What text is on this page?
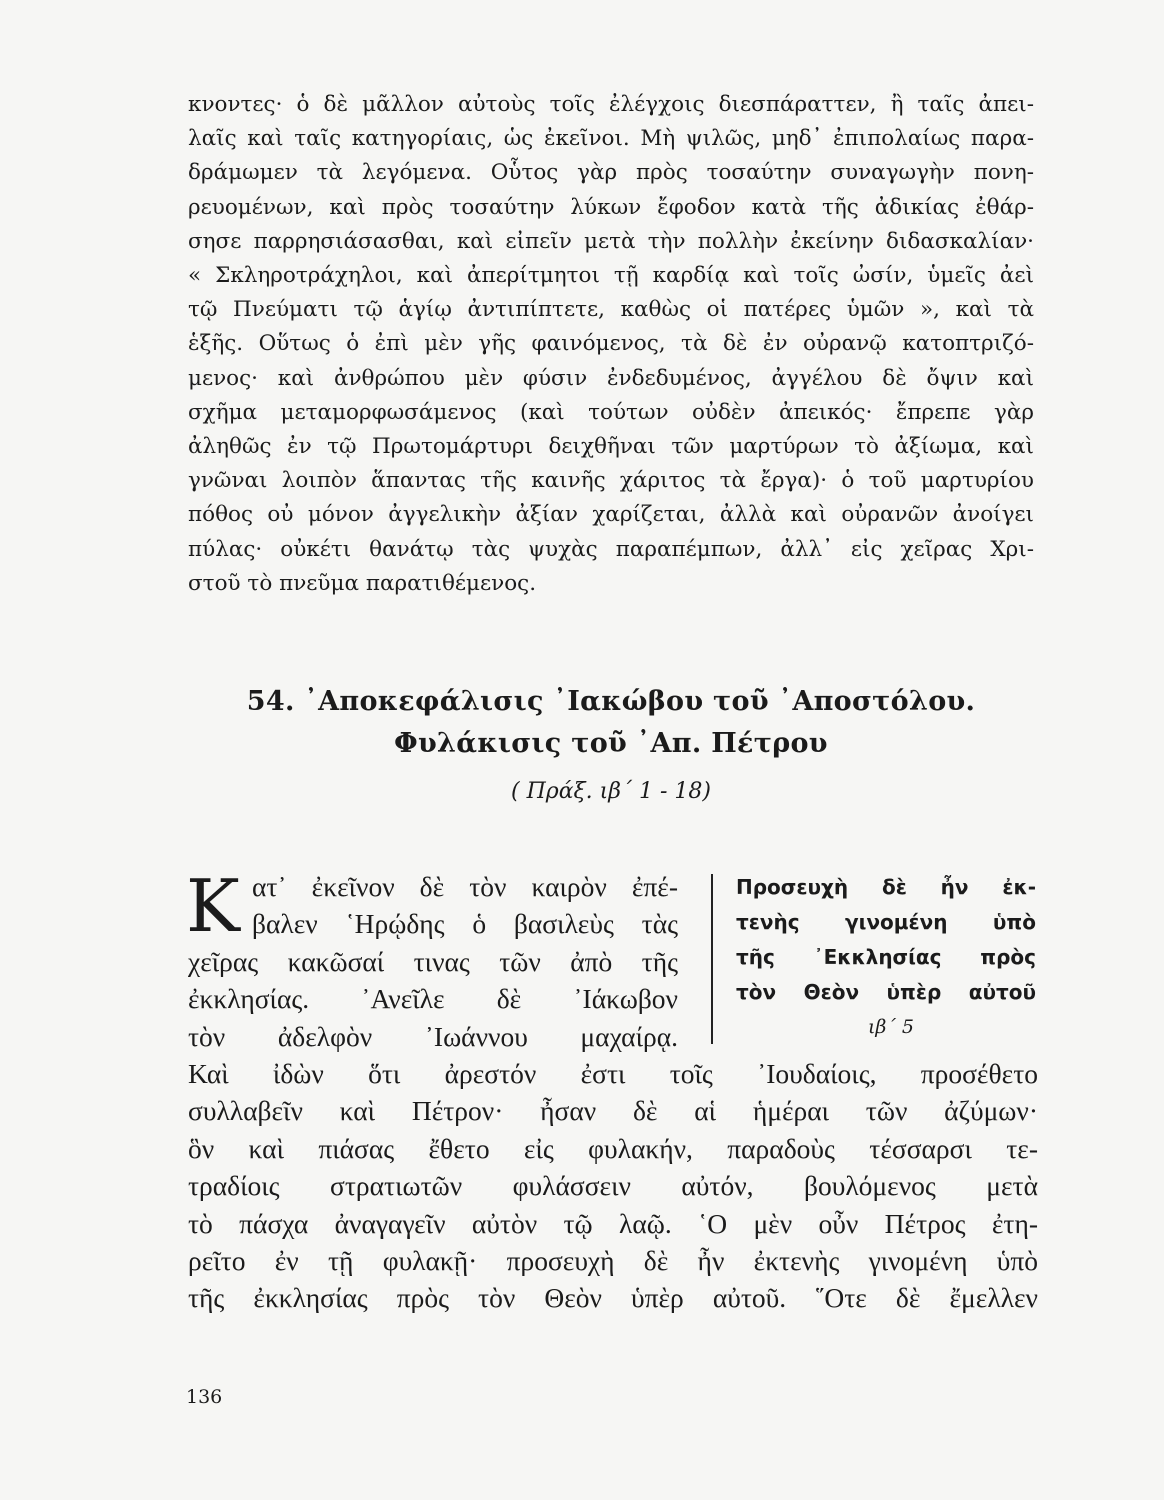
κνοντες· ὁ δὲ μᾶλλον αὐτοὺς τοῖς ἐλέγχοις διεσπάραττεν, ἢ ταῖς ἀπει-
λαῖς καὶ ταῖς κατηγορίαις, ὡς ἐκεῖνοι. Μὴ ψιλῶς, μηδ᾽ ἐπιπολαίως παρα-
δράμωμεν τὰ λεγόμενα. Οὗτος γὰρ πρὸς τοσαύτην συναγωγὴν πονη-
ρευομένων, καὶ πρὸς τοσαύτην λύκων ἔφοδον κατὰ τῆς ἀδικίας ἐθάρ-
σησε παρρησιάσασθαι, καὶ εἰπεῖν μετὰ τὴν πολλὴν ἐκείνην διδασκαλίαν·
« Σκληροτράχηλοι, καὶ ἀπερίτμητοι τῇ καρδίᾳ καὶ τοῖς ὠσίν, ὑμεῖς ἀεὶ
τῷ Πνεύματι τῷ ἁγίῳ ἀντιπίπτετε, καθὼς οἱ πατέρες ὑμῶν », καὶ τὰ
ἑξῆς. Οὕτως ὁ ἐπὶ μὲν γῆς φαινόμενος, τὰ δὲ ἐν οὐρανῷ κατοπτριζό-
μενος· καὶ ἀνθρώπου μὲν φύσιν ἐνδεδυμένος, ἀγγέλου δὲ ὄψιν καὶ
σχῆμα μεταμορφωσάμενος (καὶ τούτων οὐδὲν ἀπεικός· ἔπρεπε γὰρ
ἀληθῶς ἐν τῷ Πρωτομάρτυρι δειχθῆναι τῶν μαρτύρων τὸ ἀξίωμα, καὶ
γνῶναι λοιπὸν ἅπαντας τῆς καινῆς χάριτος τὰ ἔργα)· ὁ τοῦ μαρτυρίου
πόθος οὐ μόνον ἀγγελικὴν ἀξίαν χαρίζεται, ἀλλὰ καὶ οὐρανῶν ἀνοίγει
πύλας· οὐκέτι θανάτῳ τὰς ψυχὰς παραπέμπων, ἀλλ᾽ εἰς χεῖρας Χρι-
στοῦ τὸ πνεῦμα παρατιθέμενος.
54. ᾿Αποκεφάλισις ᾿Ιακώβου τοῦ ᾿Αποστόλου.
Φυλάκισις τοῦ ᾿Απ. Πέτρου
( Πράξ. ιβ΄ 1 - 18)
Κ ατ᾽ ἐκεῖνον δὲ τὸν καιρὸν ἐπέ-
βαλεν ῾Ηρῴδης ὁ βασιλεὺς τὰς
χεῖρας κακῶσαί τινας τῶν ἀπὸ τῆς
ἐκκλησίας. ᾿Ανεῖλε δὲ ᾿Ιάκωβον
τὸν ἀδελφὸν ᾿Ιωάννου μαχαίρᾳ.
Καὶ ἰδὼν ὅτι ἀρεστόν ἐστι τοῖς ᾿Ιουδαίοις, προσέθετο
συλλαβεῖν καὶ Πέτρον· ἦσαν δὲ αἱ ἡμέραι τῶν ἀζύμων·
ὃν καὶ πιάσας ἔθετο εἰς φυλακήν, παραδοὺς τέσσαρσι τε-
τραδίοις στρατιωτῶν φυλάσσειν αὐτόν, βουλόμενος μετὰ
τὸ πάσχα ἀναγαγεῖν αὐτὸν τῷ λαῷ. ῾Ο μὲν οὖν Πέτρος ἐτη-
ρεῖτο ἐν τῇ φυλακῇ· προσευχὴ δὲ ἦν ἐκτενὴς γινομένη ὑπὸ
τῆς ἐκκλησίας πρὸς τὸν Θεὸν ὑπὲρ αὐτοῦ. ῞Οτε δὲ ἔμελλεν
Προσευχὴ δὲ ἦν ἐκ-
τενὴς γινομένη ὑπὸ
τῆς ᾿Εκκλησίας πρὸς
τὸν Θεὸν ὑπὲρ αὐτοῦ
ιβ΄ 5
136
